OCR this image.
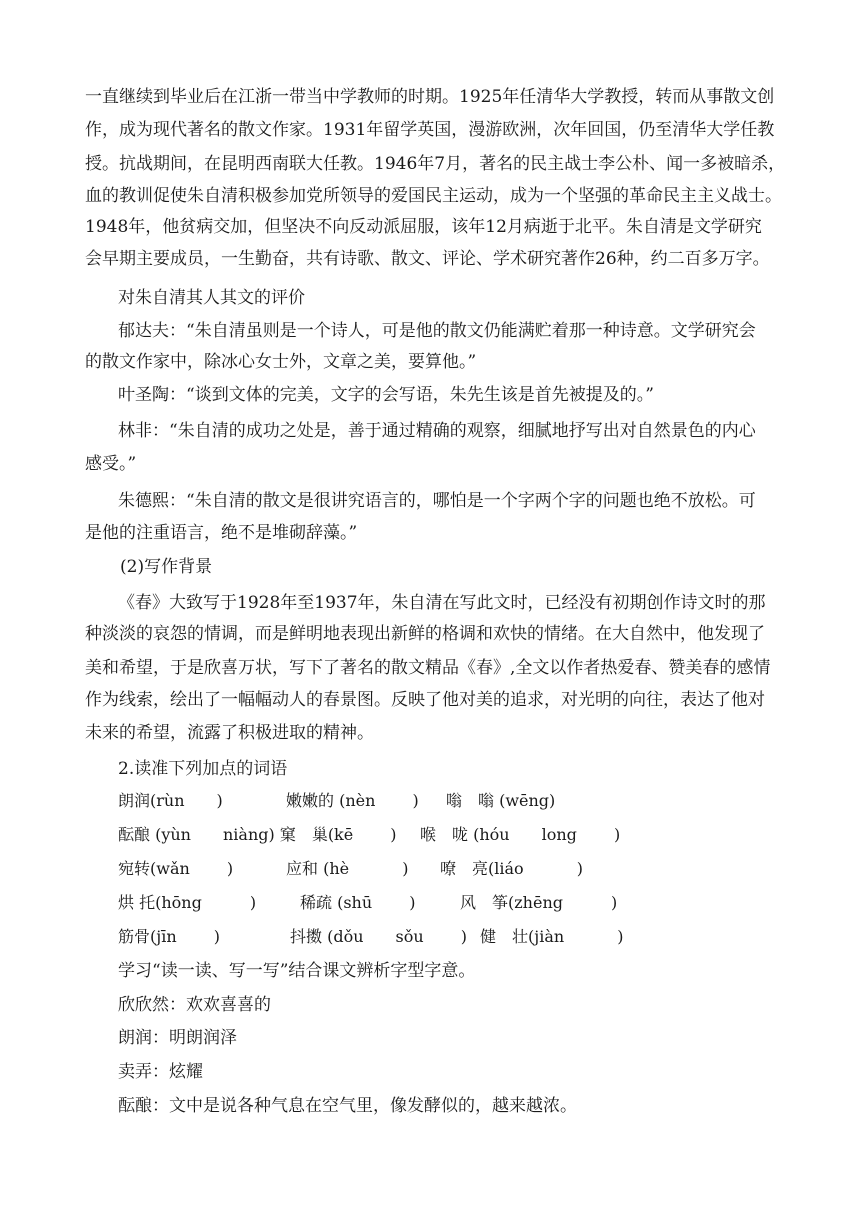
一直继续到毕业后在江浙一带当中学教师的时期。1925年任清华大学教授，转而从事散文创
作，成为现代著名的散文作家。1931年留学英国，漫游欧洲，次年回国，仍至清华大学任教
授。抗战期间，在昆明西南联大任教。1946年7月，著名的民主战士李公朴、闻一多被暗杀，
血的教训促使朱自清积极参加党所领导的爱国民主运动，成为一个坚强的革命民主主义战士。
1948年，他贫病交加，但坚决不向反动派屈服，该年12月病逝于北平。朱自清是文学研究
会早期主要成员，一生勤奋，共有诗歌、散文、评论、学术研究著作26种，约二百多万字。
对朱自清其人其文的评价
郁达夫：“朱自清虽则是一个诗人，可是他的散文仍能满贮着那一种诗意。文学研究会
的散文作家中，除冰心女士外，文章之美，要算他。”
叶圣陶：“谈到文体的完美，文字的会写语，朱先生该是首先被提及的。”
林非：“朱自清的成功之处是，善于通过精确的观察，细腻地抒写出对自然景色的内心
感受。”
朱德熙：“朱自清的散文是很讲究语言的，哪怕是一个字两个字的问题也绝不放松。可
是他的注重语言，绝不是堆砌辞藻。”
(2)写作背景
《春》大致写于1928年至1937年，朱自清在写此文时，已经没有初期创作诗文时的那
种淡淡的哀怨的情调，而是鲜明地表现出新鲜的格调和欢快的情绪。在大自然中，他发现了
美和希望，于是欣喜万状，写下了著名的散文精品《春》,全文以作者热爱春、赞美春的感情
作为线索，绘出了一幅幅动人的春景图。反映了他对美的追求，对光明的向往，表达了他对
未来的希望，流露了积极进取的精神。
2.读准下列加点的词语
朗润(rùn　　)	嫩嫩的 (nèn　　 ) 嗡　嗡 (wēng)
酝酿 (yùn　　niàng) 窠　巢(kē　　 ) 喉　咙 (hóu　　long　　 )
宛转(wǎn　　 )	应和 (hè　　 　) 嘹　亮(liáo　　　 )
烘 托(hōng　　　)	稀疏 (shū　　 )	风　筝(zhēng　　　)
筋骨(jīn　　 )	抖擞 (dǒu　　sǒu　　 ) 健　壮(jiàn　　　 )
学习“读一读、写一写”结合课文辨析字型字意。
欣欣然：欢欢喜喜的
朗润：明朗润泽
卖弄：炫耀
酝酿：文中是说各种气息在空气里，像发酵似的，越来越浓。
